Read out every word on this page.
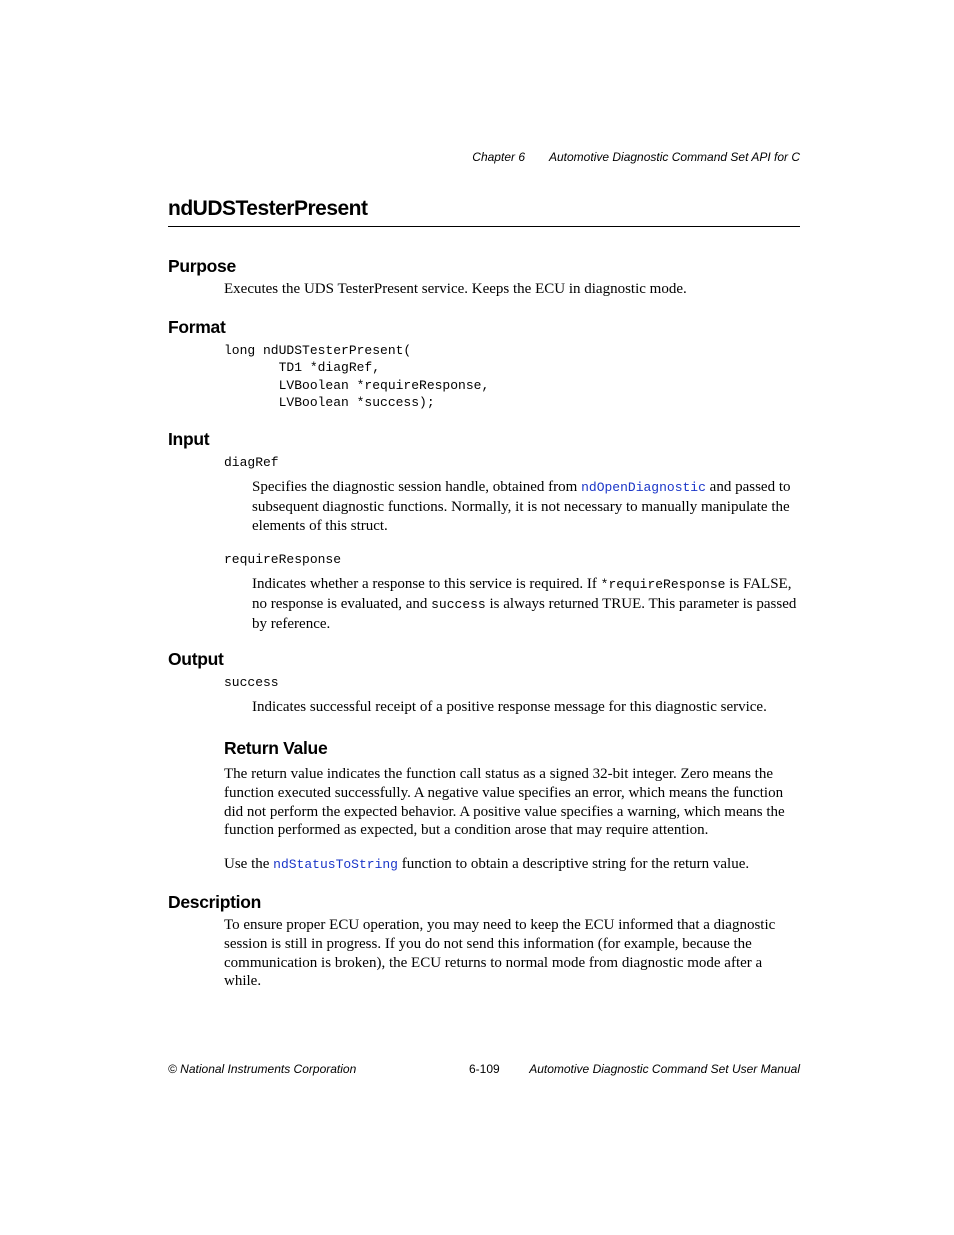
Chapter 6 Automotive Diagnostic Command Set API for C
ndUDSTesterPresent
Purpose
Executes the UDS TesterPresent service. Keeps the ECU in diagnostic mode.
Format
long ndUDSTesterPresent(
TD1 *diagRef,
LVBoolean *requireResponse,
LVBoolean *success);
Input
diagRef
Specifies the diagnostic session handle, obtained from ndOpenDiagnostic and passed to subsequent diagnostic functions. Normally, it is not necessary to manually manipulate the elements of this struct.
requireResponse
Indicates whether a response to this service is required. If *requireResponse is FALSE, no response is evaluated, and success is always returned TRUE. This parameter is passed by reference.
Output
success
Indicates successful receipt of a positive response message for this diagnostic service.
Return Value
The return value indicates the function call status as a signed 32-bit integer. Zero means the function executed successfully. A negative value specifies an error, which means the function did not perform the expected behavior. A positive value specifies a warning, which means the function performed as expected, but a condition arose that may require attention.
Use the ndStatusToString function to obtain a descriptive string for the return value.
Description
To ensure proper ECU operation, you may need to keep the ECU informed that a diagnostic session is still in progress. If you do not send this information (for example, because the communication is broken), the ECU returns to normal mode from diagnostic mode after a while.
© National Instruments Corporation	6-109 Automotive Diagnostic Command Set User Manual
